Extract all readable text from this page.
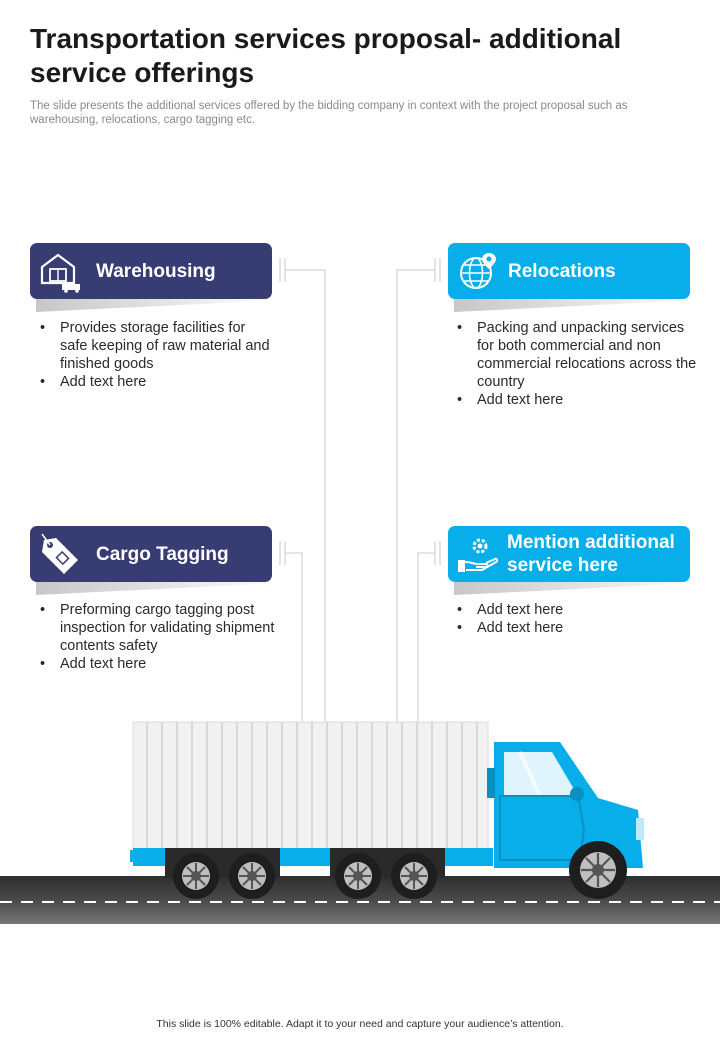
Transportation services proposal- additional service offerings

The slide presents the additional services offered by the bidding company in context with the project proposal such as warehousing, relocations, cargo tagging etc.

Warehousing
• Provides storage facilities for safe keeping of raw material and finished goods
• Add text here
Relocations
• Packing and unpacking services for both commercial and non commercial relocations across the country
• Add text here
Cargo Tagging
• Preforming cargo tagging post inspection for validating shipment contents safety
• Add text here
Mention additional service here
• Add text here
• Add text here
This slide is 100% editable. Adapt it to your need and capture your audience’s attention.
